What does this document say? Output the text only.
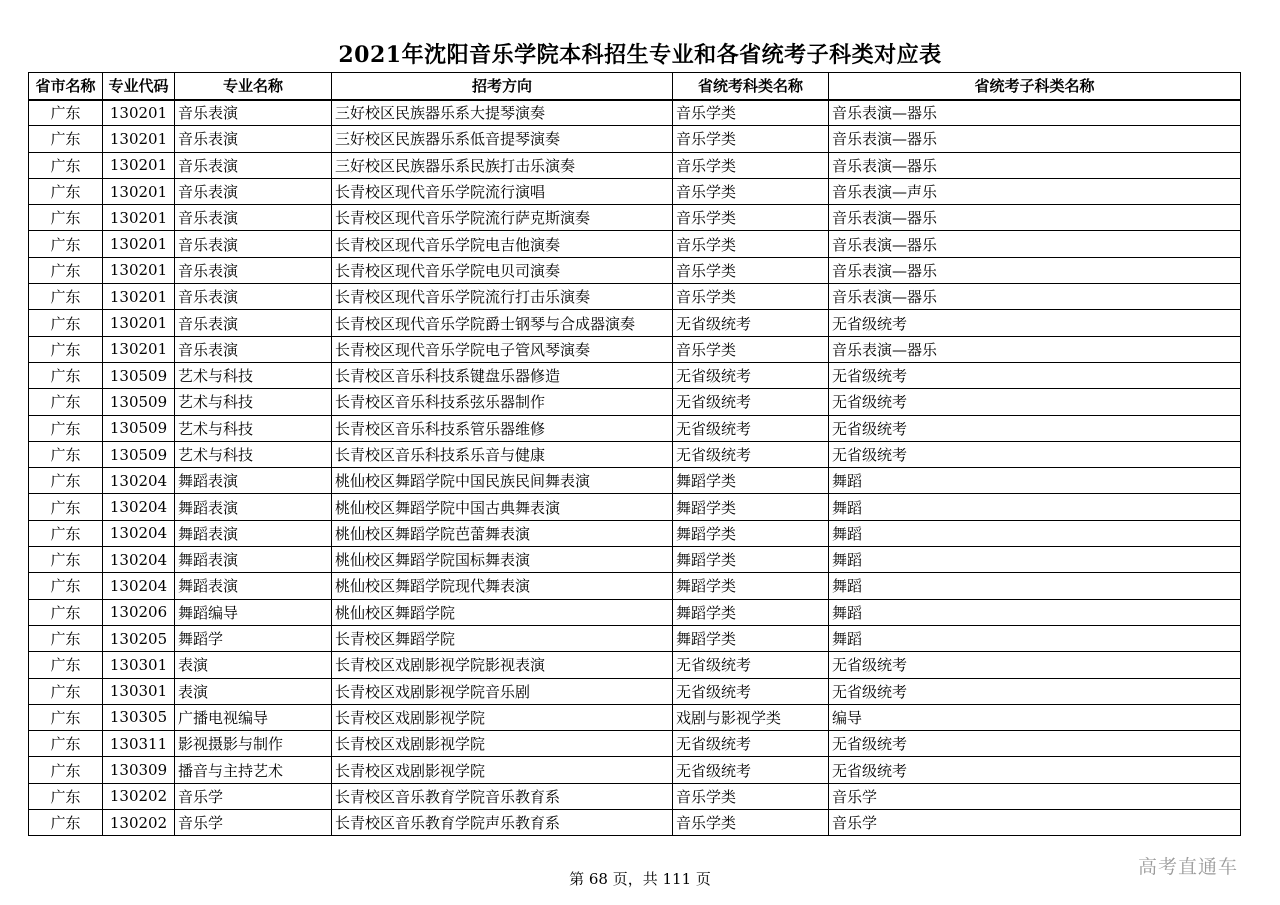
2021年沈阳音乐学院本科招生专业和各省统考子科类对应表
省市名称	专业代码	专业名称	招考方向	省统考科类名称	省统考子科类名称
广东	130201	音乐表演	三好校区民族器乐系大提琴演奏	音乐学类	音乐表演—器乐
广东	130201	音乐表演	三好校区民族器乐系低音提琴演奏	音乐学类	音乐表演—器乐
广东	130201	音乐表演	三好校区民族器乐系民族打击乐演奏	音乐学类	音乐表演—器乐
广东	130201	音乐表演	长青校区现代音乐学院流行演唱	音乐学类	音乐表演—声乐
广东	130201	音乐表演	长青校区现代音乐学院流行萨克斯演奏	音乐学类	音乐表演—器乐
广东	130201	音乐表演	长青校区现代音乐学院电吉他演奏	音乐学类	音乐表演—器乐
广东	130201	音乐表演	长青校区现代音乐学院电贝司演奏	音乐学类	音乐表演—器乐
广东	130201	音乐表演	长青校区现代音乐学院流行打击乐演奏	音乐学类	音乐表演—器乐
广东	130201	音乐表演	长青校区现代音乐学院爵士钢琴与合成器演奏	无省级统考	无省级统考
广东	130201	音乐表演	长青校区现代音乐学院电子管风琴演奏	音乐学类	音乐表演—器乐
广东	130509	艺术与科技	长青校区音乐科技系键盘乐器修造	无省级统考	无省级统考
广东	130509	艺术与科技	长青校区音乐科技系弦乐器制作	无省级统考	无省级统考
广东	130509	艺术与科技	长青校区音乐科技系管乐器维修	无省级统考	无省级统考
广东	130509	艺术与科技	长青校区音乐科技系乐音与健康	无省级统考	无省级统考
广东	130204	舞蹈表演	桃仙校区舞蹈学院中国民族民间舞表演	舞蹈学类	舞蹈
广东	130204	舞蹈表演	桃仙校区舞蹈学院中国古典舞表演	舞蹈学类	舞蹈
广东	130204	舞蹈表演	桃仙校区舞蹈学院芭蕾舞表演	舞蹈学类	舞蹈
广东	130204	舞蹈表演	桃仙校区舞蹈学院国标舞表演	舞蹈学类	舞蹈
广东	130204	舞蹈表演	桃仙校区舞蹈学院现代舞表演	舞蹈学类	舞蹈
广东	130206	舞蹈编导	桃仙校区舞蹈学院	舞蹈学类	舞蹈
广东	130205	舞蹈学	长青校区舞蹈学院	舞蹈学类	舞蹈
广东	130301	表演	长青校区戏剧影视学院影视表演	无省级统考	无省级统考
广东	130301	表演	长青校区戏剧影视学院音乐剧	无省级统考	无省级统考
广东	130305	广播电视编导	长青校区戏剧影视学院	戏剧与影视学类	编导
广东	130311	影视摄影与制作	长青校区戏剧影视学院	无省级统考	无省级统考
广东	130309	播音与主持艺术	长青校区戏剧影视学院	无省级统考	无省级统考
广东	130202	音乐学	长青校区音乐教育学院音乐教育系	音乐学类	音乐学
广东	130202	音乐学	长青校区音乐教育学院声乐教育系	音乐学类	音乐学
第 68 页，共 111 页
高考直通车
